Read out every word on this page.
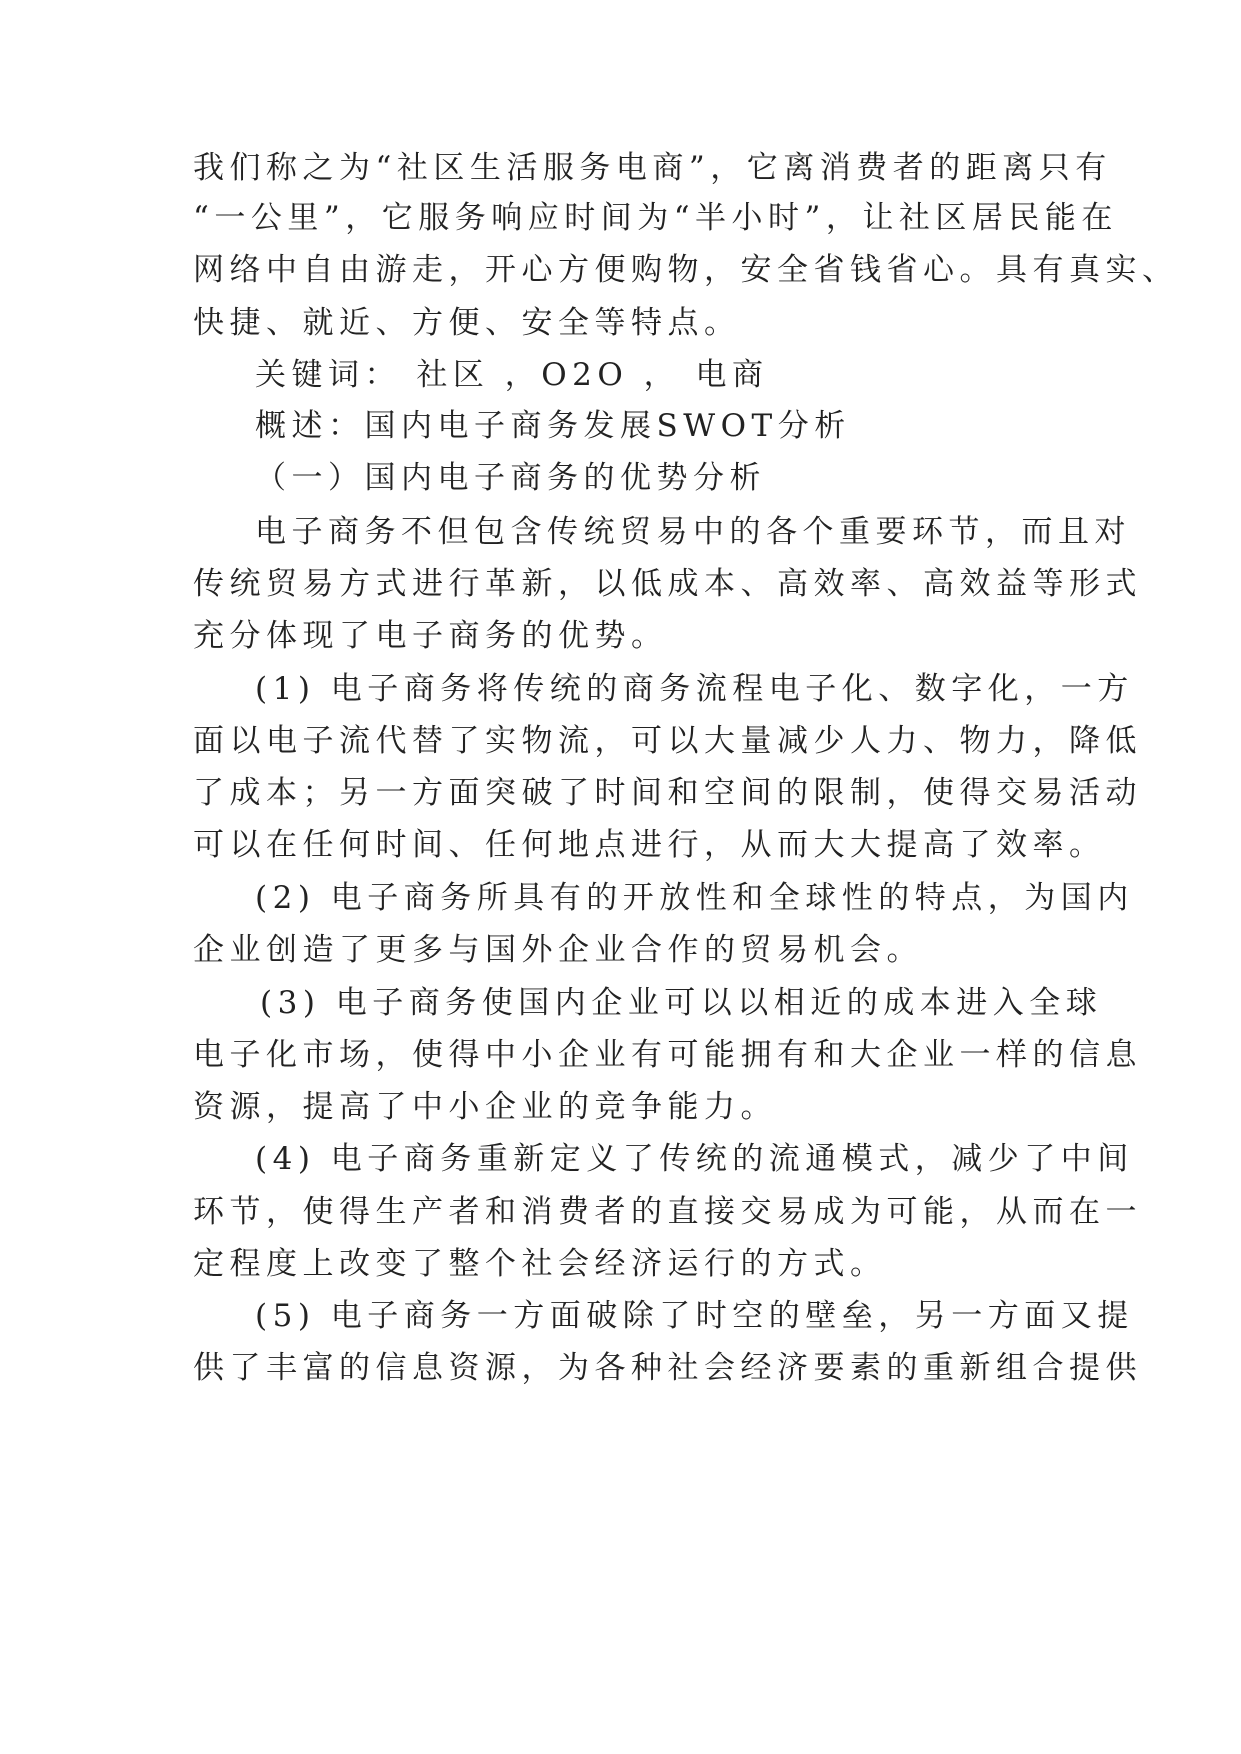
我们称之为“社区生活服务电商”，它离消费者的距离只有
“一公里”，它服务响应时间为“半小时”，让社区居民能在
网络中自由游走，开心方便购物，安全省钱省心。具有真实、
快捷、就近、方便、安全等特点。
关键词： 社区 ，O2O ， 电商
概述：国内电子商务发展SWOT分析
（一）国内电子商务的优势分析
电子商务不但包含传统贸易中的各个重要环节，而且对
传统贸易方式进行革新，以低成本、高效率、高效益等形式
充分体现了电子商务的优势。
(1) 电子商务将传统的商务流程电子化、数字化，一方
面以电子流代替了实物流，可以大量减少人力、物力，降低
了成本；另一方面突破了时间和空间的限制，使得交易活动
可以在任何时间、任何地点进行，从而大大提高了效率。
(2) 电子商务所具有的开放性和全球性的特点，为国内
企业创造了更多与国外企业合作的贸易机会。
(3) 电子商务使国内企业可以以相近的成本进入全球
电子化市场，使得中小企业有可能拥有和大企业一样的信息
资源，提高了中小企业的竞争能力。
(4) 电子商务重新定义了传统的流通模式，减少了中间
环节，使得生产者和消费者的直接交易成为可能，从而在一
定程度上改变了整个社会经济运行的方式。
(5) 电子商务一方面破除了时空的壁垒，另一方面又提
供了丰富的信息资源，为各种社会经济要素的重新组合提供
